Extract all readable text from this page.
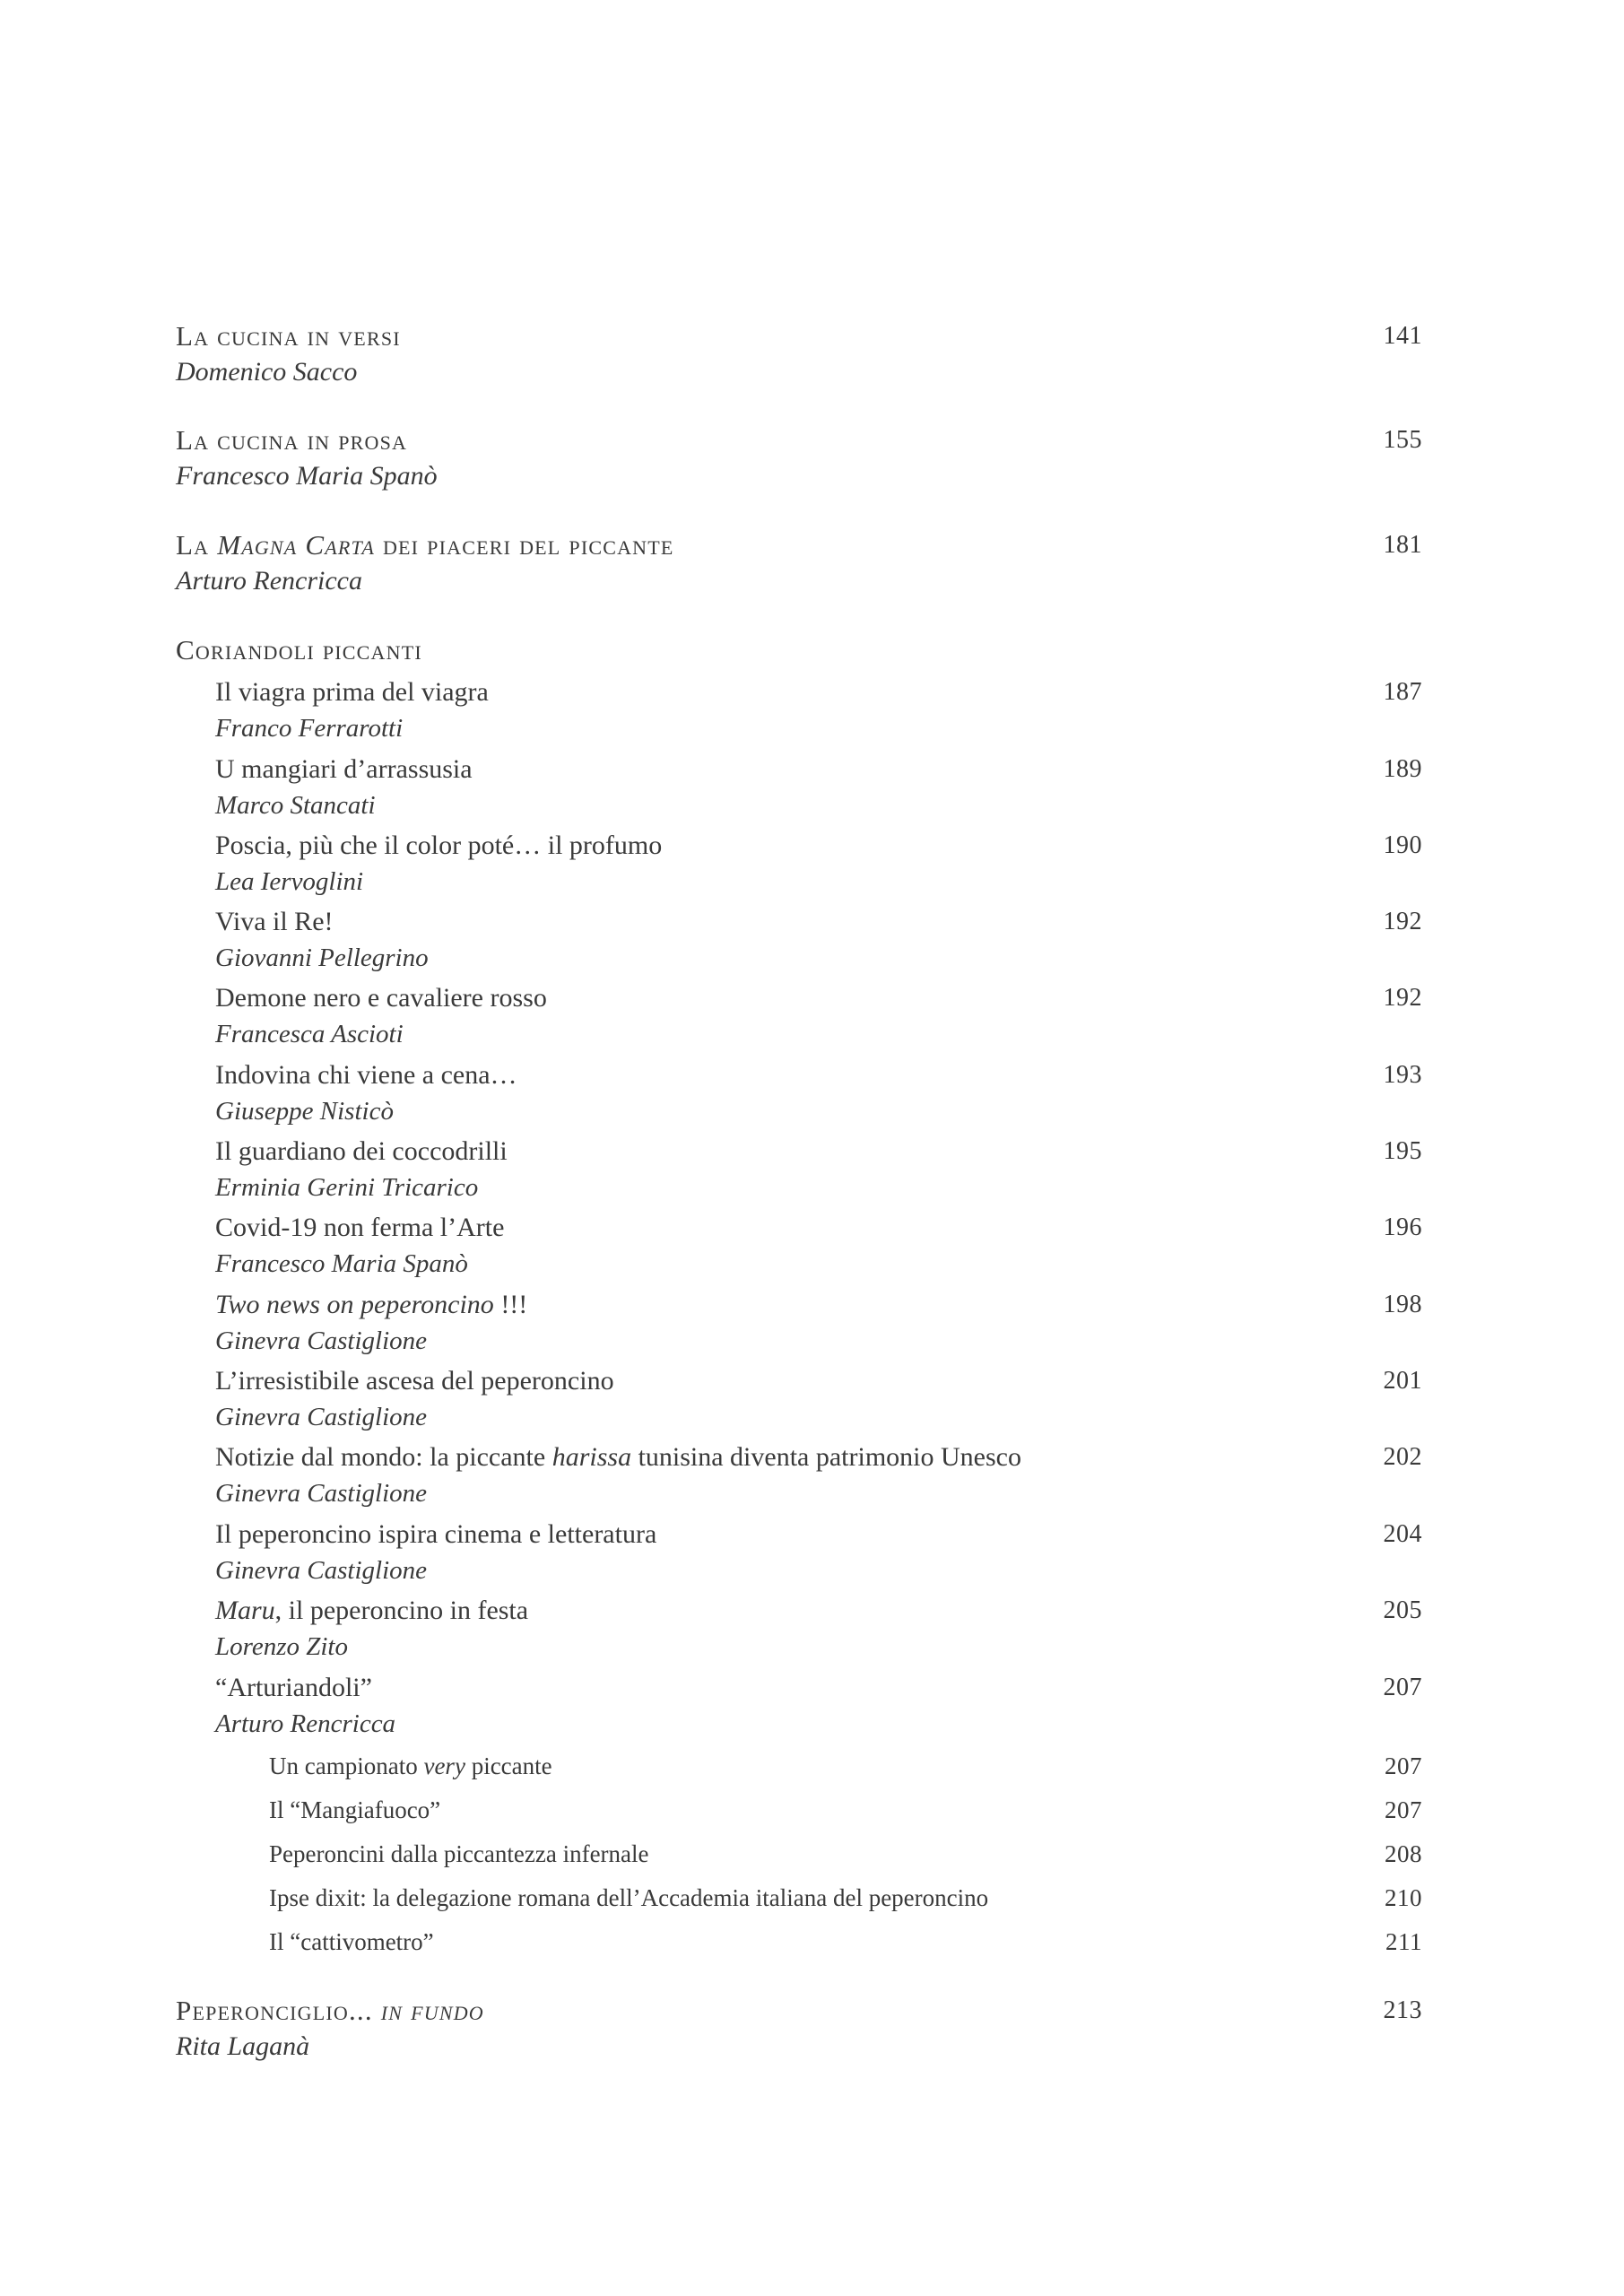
La cucina in versi	141
Domenico Sacco
La cucina in prosa	155
Francesco Maria Spanò
La Magna Carta dei piaceri del piccante	181
Arturo Rencricca
Coriandoli piccanti
Il viagra prima del viagra	187
Franco Ferrarotti
U mangiari d’arrassusia	189
Marco Stancati
Poscia, più che il color poté… il profumo	190
Lea Iervoglini
Viva il Re!	192
Giovanni Pellegrino
Demone nero e cavaliere rosso	192
Francesca Ascioti
Indovina chi viene a cena…	193
Giuseppe Nisticò
Il guardiano dei coccodrilli	195
Erminia Gerini Tricarico
Covid-19 non ferma l’Arte	196
Francesco Maria Spanò
Two news on peperoncino !!!	198
Ginevra Castiglione
L’irresistibile ascesa del peperoncino	201
Ginevra Castiglione
Notizie dal mondo: la piccante harissa tunisina diventa patrimonio Unesco	202
Ginevra Castiglione
Il peperoncino ispira cinema e letteratura	204
Ginevra Castiglione
Maru, il peperoncino in festa	205
Lorenzo Zito
“Arturiandoli”	207
Arturo Rencricca
Un campionato very piccante	207
Il “Mangiafuoco”	207
Peperoncini dalla piccantezza infernale	208
Ipse dixit: la delegazione romana dell’Accademia italiana del peperoncino	210
Il “cattivometro”	211
Peperonciglio... in fundo	213
Rita Laganà
